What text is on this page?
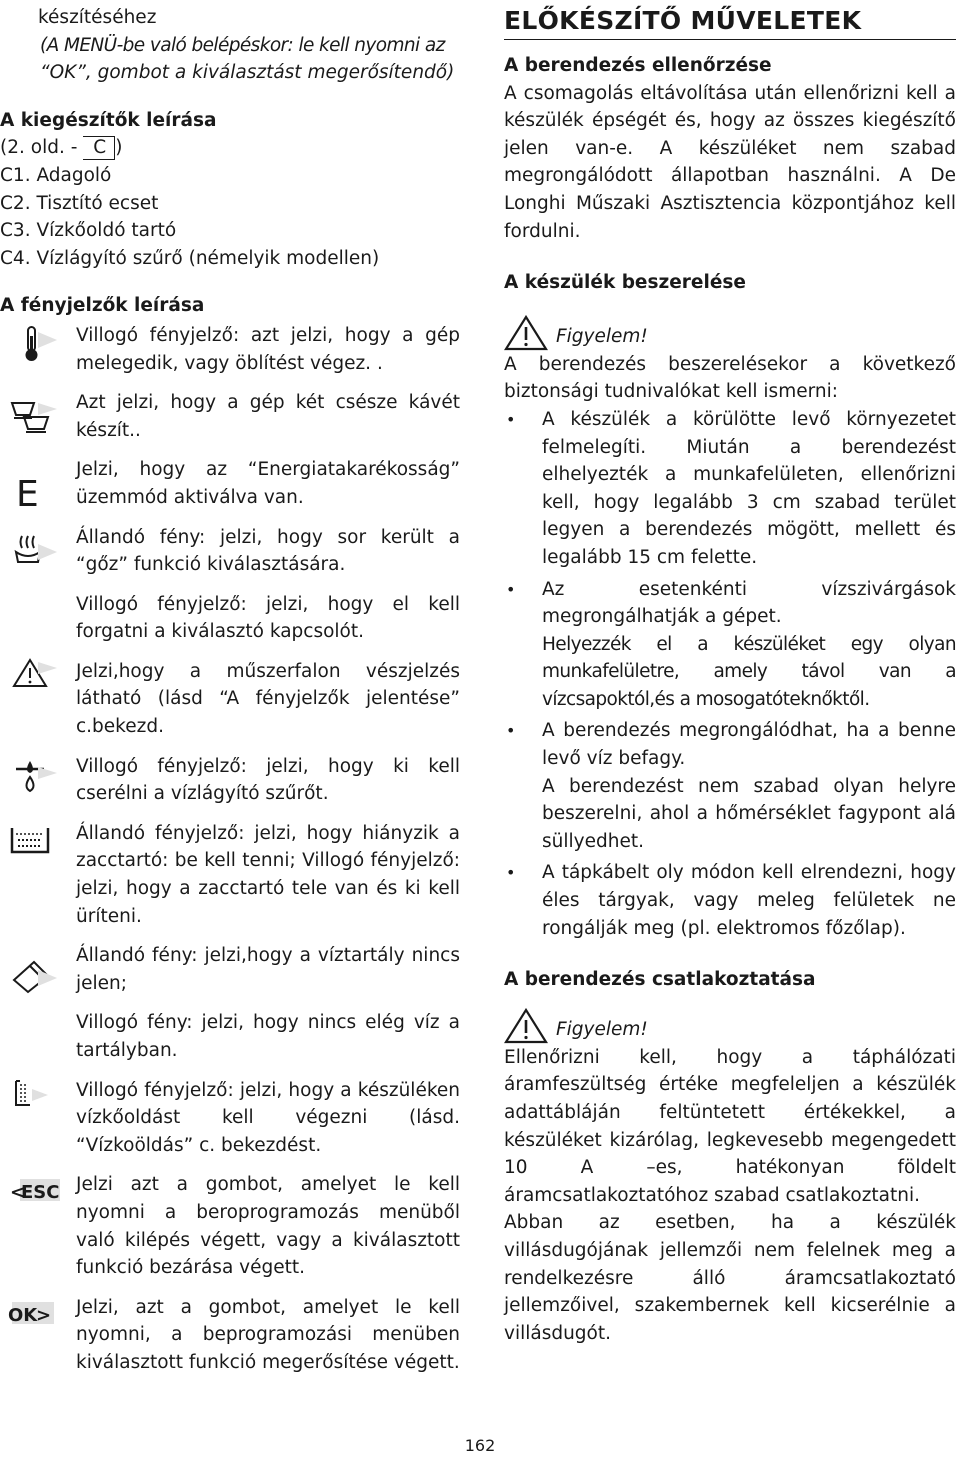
készítéséhez
(A MENÜ-be való belépéskor: le kell nyomni az
“OK”, gombot a kiválasztást megerősítendő)
A kiegészítők leírása
(2. old. - C )
C1. Adagoló
C2. Tisztító ecset
C3. Vízkőoldó tartó
C4. Vízlágyító szűrő (némelyik modellen)
A fényjelzők leírása
Villogó fényjelző: azt jelzi, hogy a gép melegedik, vagy öblítést végez. .
Azt jelzi, hogy a gép két csésze kávét készít..
E
Jelzi, hogy az “Energiatakarékosság” üzemmód aktiválva van.
Állandó fény: jelzi, hogy sor került a “gőz” funkció kiválasztására.
Villogó fényjelző: jelzi, hogy el kell forgatni a kiválasztó kapcsolót.
Jelzi,hogy a műszerfalon vészjelzés látható (lásd “A fényjelzők jelentése” c.bekezd.
Villogó fényjelző: jelzi, hogy ki kell cserélni a vízlágyító szűrőt.
Állandó fényjelző: jelzi, hogy hiányzik a zacctartó: be kell tenni; Villogó fényjelző: jelzi, hogy a zacctartó tele van és ki kell üríteni.
Állandó fény: jelzi,hogy a víztartály nincs jelen;
Villogó fény: jelzi, hogy nincs elég víz a tartályban.
Villogó fényjelző: jelzi, hogy a készüléken vízkőoldást kell végezni (lásd. “Vízkoöldás” c. bekezdést.
<
ESC Jelzi azt a gombot, amelyet le kell nyomni a beroprogramozás menüből való kilépés végett, vagy a kiválasztott funkció bezárása végett.
OK
> Jelzi, azt a gombot, amelyet le kell nyomni, a beprogramozási menüben kiválasztott funkció megerősítése végett.
ELŐKÉSZÍTŐ MŰVELETEK
A berendezés ellenőrzése
A csomagolás eltávolítása után ellenőrizni kell a készülék épségét és, hogy az összes kiegészítő jelen van-e. A készüléket nem szabad megrongálódott állapotban használni. A De Longhi Műszaki Asztisztencia központjához kell fordulni.
A készülék beszerelése
Figyelem!
A berendezés beszerelésekor a következő biztonsági tudnivalókat kell ismerni:
• A készülék a körülötte levő környezetet felmelegíti. Miután a berendezést elhelyezték a munkafelületen, ellenőrizni kell, hogy legalább 3 cm szabad terület legyen a berendezés mögött, mellett és legalább 15 cm felette.
• Az esetenkénti vízszivárgások megrongálhatják a gépet.
Helyezzék el a készüléket egy olyan munkafelületre, amely távol van a vízcsapoktól,és a mosogatóteknőktől.
• A berendezés megrongálódhat, ha a benne levő víz befagy.
A berendezést nem szabad olyan helyre beszerelni, ahol a hőmérséklet fagypont alá süllyedhet.
• A tápkábelt oly módon kell elrendezni, hogy éles tárgyak, vagy meleg felületek ne rongálják meg (pl. elektromos főzőlap).
A berendezés csatlakoztatása
Figyelem!
Ellenőrizni kell, hogy a táphálózati áramfeszültség értéke megfeleljen a készülék adattábláján feltüntetett értékekkel, a készüléket kizárólag, legkevesebb megengedett 10 A –es, hatékonyan földelt áramcsatlakoztatóhoz szabad csatlakoztatni.
Abban az esetben, ha a készülék villásdugójának jellemzői nem felelnek meg a rendelkezésre álló áramcsatlakoztató jellemzőivel, szakembernek kell kicserélnie a villásdugót.
162
